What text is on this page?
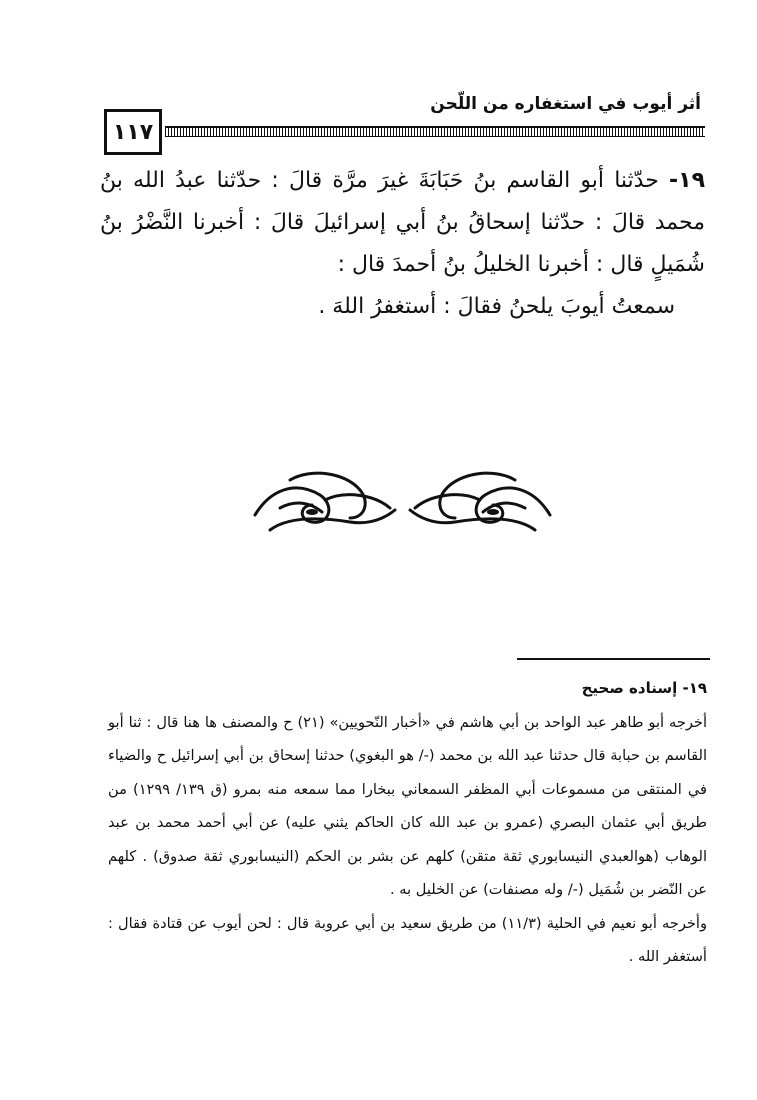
أثر أيوب في استغفاره من اللّحن
١١٧

١٩- حدّثنا أبو القاسم بنُ حَبَابَةَ غيرَ مرَّة قالَ : حدّثنا عبدُ الله بنُ محمد قالَ : حدّثنا إسحاقُ بنُ أبي إسرائيلَ قالَ : أخبرنا النَّضْرُ بنُ شُمَيلٍ قال : أخبرنا الخليلُ بنُ أحمدَ قال :

سمعتُ أيوبَ يلحنُ فقالَ : أستغفرُ اللهَ .

١٩- إسناده صحيح

أخرجه أبو طاهر عبد الواحد بن أبي هاشم في «أخبار النّحويين» (٢١) ح والمصنف ها هنا قال : ثنا أبو القاسم بن حبابة قال حدثنا عبد الله بن محمد (-/ هو البغوي) حدثنا إسحاق بن أبي إسرائيل ح والضياء في المنتقى من مسموعات أبي المظفر السمعاني ببخارا مما سمعه منه بمرو (ق ١٣٩/ ١٢٩٩) من طريق أبي عثمان البصري (عمرو بن عبد الله كان الحاكم يثني عليه) عن أبي أحمد محمد بن عبد الوهاب (هوالعبدي النيسابوري ثقة متقن) كلهم عن بشر بن الحكم (النيسابوري ثقة صدوق) . كلهم عن النّضر بن شُمَيل (-/ وله مصنفات) عن الخليل به .

وأخرجه أبو نعيم في الحلية (١١/٣) من طريق سعيد بن أبي عروبة قال : لحن أيوب عن قتادة فقال : أستغفر الله .
